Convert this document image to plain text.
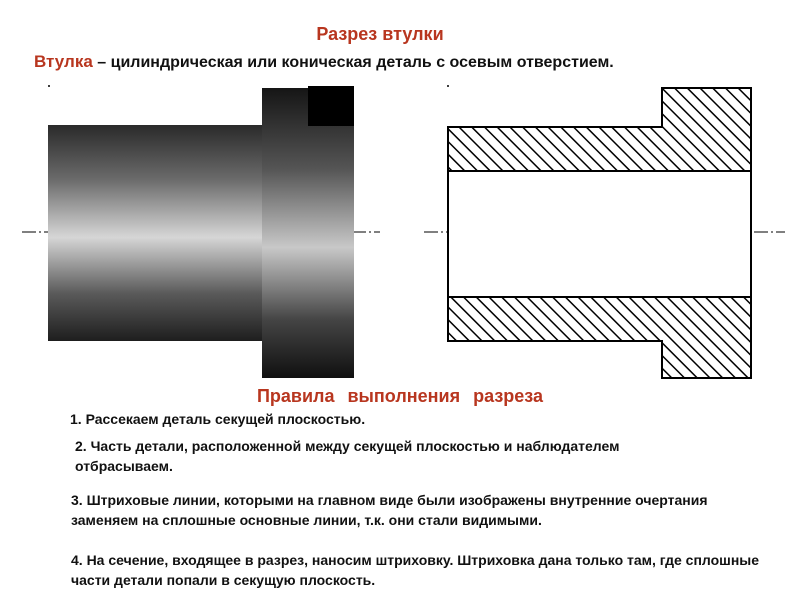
Разрез втулки
Втулка – цилиндрическая или коническая деталь с осевым отверстием.
Правила выполнения разреза

1. Рассекаем деталь секущей плоскостью.

2. Часть детали, расположенной между секущей плоскостью и наблюдателем отбрасываем.

3. Штриховые линии, которыми на главном виде были изображены внутренние очертания заменяем на сплошные основные линии, т.к. они стали видимыми.

4. На сечение, входящее в разрез, наносим штриховку. Штриховка дана только там, где сплошные части детали попали в секущую плоскость.
